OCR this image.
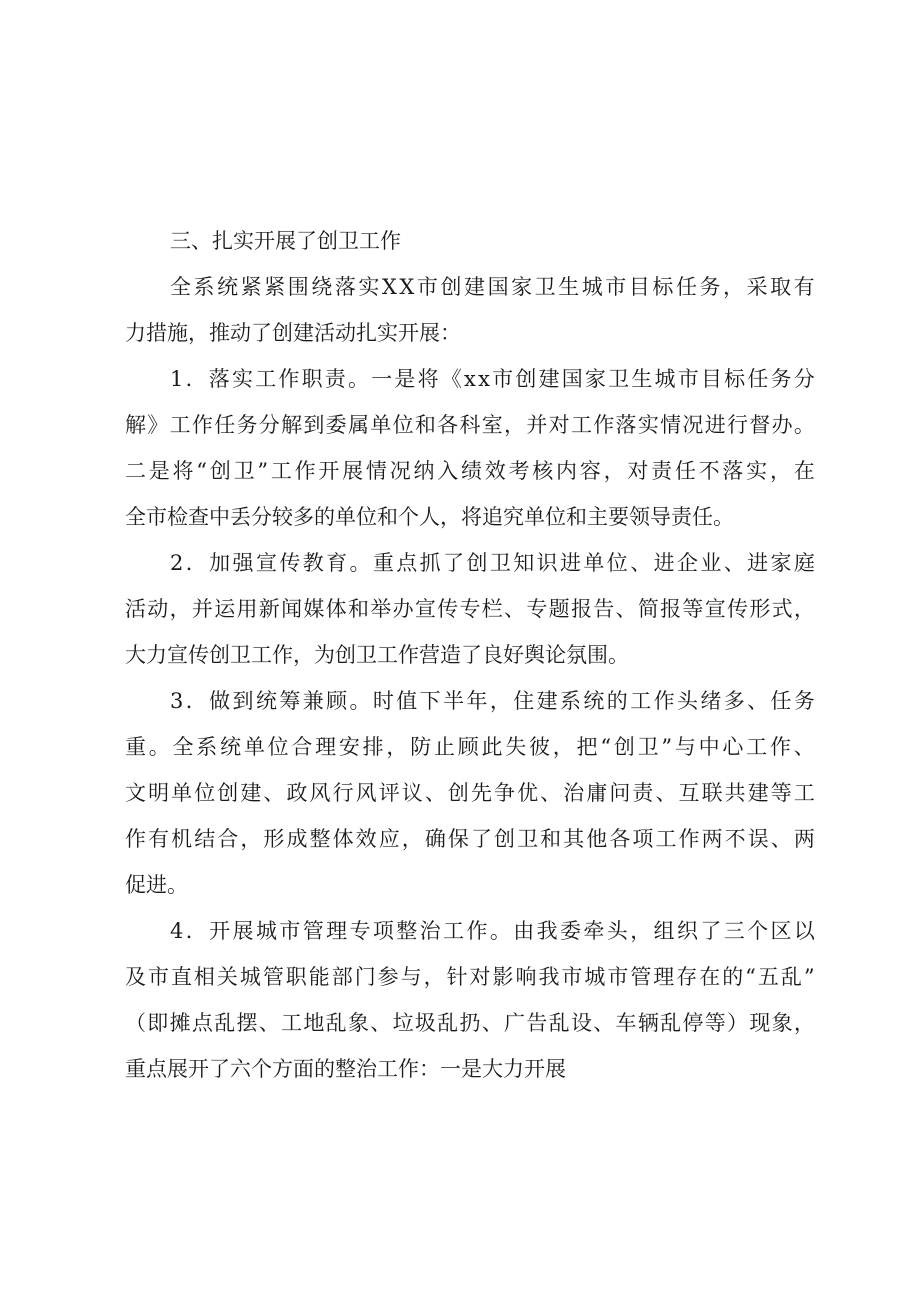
三、扎实开展了创卫工作
全 系 统 紧 紧 围 绕 落 实 X X 市 创 建 国 家 卫 生 城 市 目 标 任 务 ， 采 取 有
力措施，推动了创建活动扎实开展：
1 ． 落 实 工 作 职 责 。 一 是 将 《 x x 市 创 建 国 家 卫 生 城 市 目 标 任 务 分
解 》 工 作 任 务 分 解 到 委 属 单 位 和 各 科 室 ， 并 对 工 作 落 实 情 况 进 行 督 办 。
二 是 将 “ 创 卫 ” 工 作 开 展 情 况 纳 入 绩 效 考 核 内 容 ， 对 责 任 不 落 实 ， 在
全市检查中丢分较多的单位和个人，将追究单位和主要领导责任。
2 ． 加 强 宣 传 教 育 。 重 点 抓 了 创 卫 知 识 进 单 位 、 进 企 业 、 进 家 庭
活 动 ， 并 运 用 新 闻 媒 体 和 举 办 宣 传 专 栏 、 专 题 报 告 、 简 报 等 宣 传 形 式 ，
大力宣传创卫工作，为创卫工作营造了良好舆论氛围。
3 ． 做 到 统 筹 兼 顾 。 时 值 下 半 年 ， 住 建 系 统 的 工 作 头 绪 多 、 任 务
重 。 全 系 统 单 位 合 理 安 排 ， 防 止 顾 此 失 彼 ， 把 “ 创 卫 ” 与 中 心 工 作 、
文 明 单 位 创 建 、 政 风 行 风 评 议 、 创 先 争 优 、 治 庸 问 责 、 互 联 共 建 等 工
作 有 机 结 合 ， 形 成 整 体 效 应 ， 确 保 了 创 卫 和 其 他 各 项 工 作 两 不 误 、 两
促进。
4 ． 开 展 城 市 管 理 专 项 整 治 工 作 。 由 我 委 牵 头 ， 组 织 了 三 个 区 以
及 市 直 相 关 城 管 职 能 部 门 参 与 ， 针 对 影 响 我 市 城 市 管 理 存 在 的 “ 五 乱 ”
（ 即 摊 点 乱 摆 、 工 地 乱 象 、 垃 圾 乱 扔 、 广 告 乱 设 、 车 辆 乱 停 等 ） 现 象 ，
重点展开了六个方面的整治工作：一是大力开展
